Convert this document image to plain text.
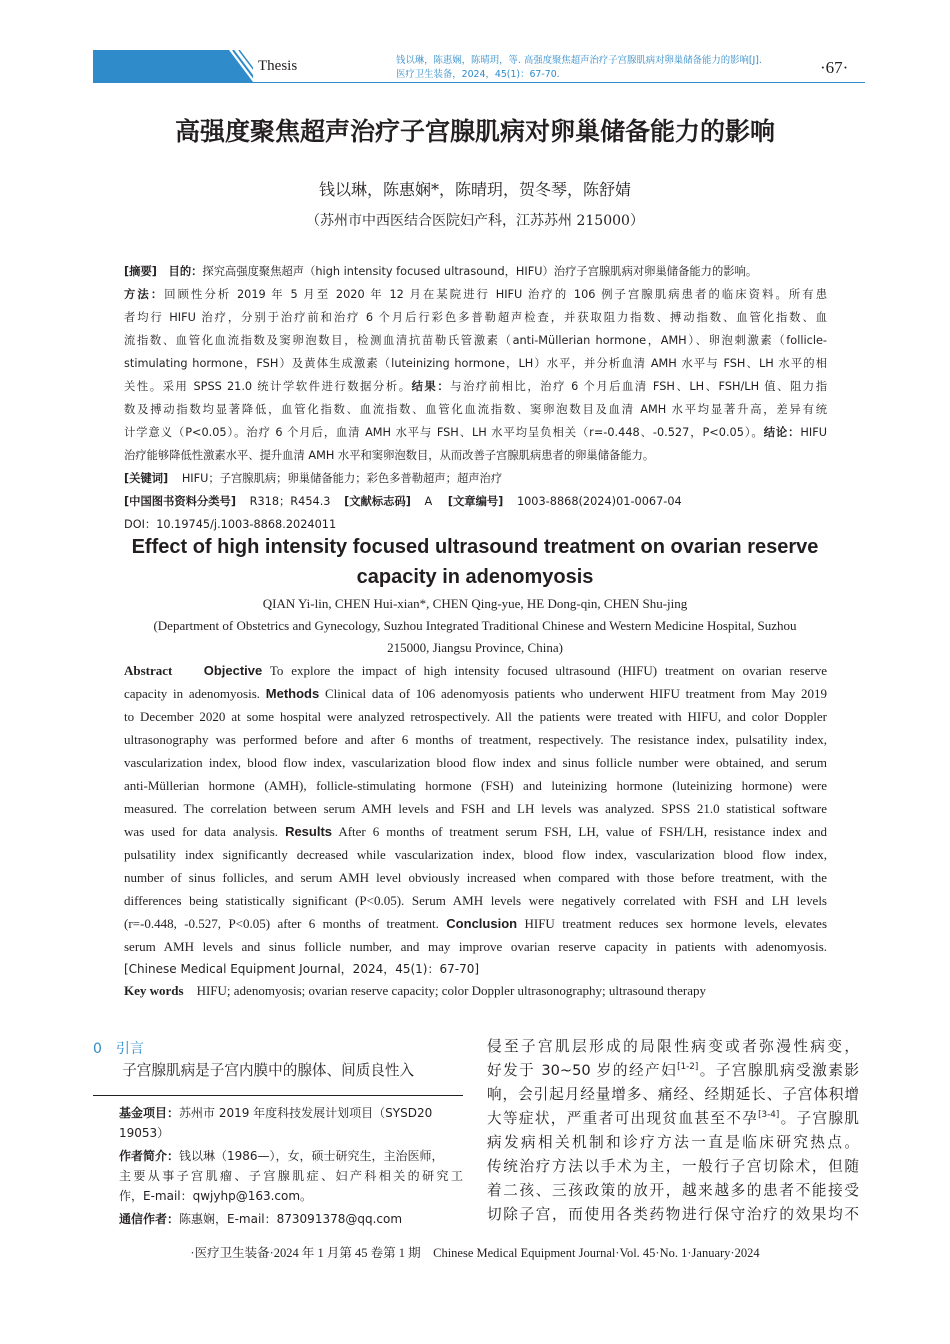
论	著
Thesis	钱以琳，陈惠娴，陈晴玥，等. 高强度聚焦超声治疗子宫腺肌病对卵巢储备能力的影响[J].
医疗卫生装备，2024，45(1)：67-70.	·67·
高强度聚焦超声治疗子宫腺肌病对卵巢储备能力的影响
钱以琳，陈惠娴*，陈晴玥，贺冬琴，陈舒婧
（苏州市中西医结合医院妇产科，江苏苏州 215000）
[摘要] 目的：探究高强度聚焦超声（high intensity focused ultrasound，HIFU）治疗子宫腺肌病对卵巢储备能力的影响。
方法：回顾性分析 2019 年 5 月至 2020 年 12 月在某院进行 HIFU 治疗的 106 例子宫腺肌病患者的临床资料。所有患
者均行 HIFU 治疗，分别于治疗前和治疗 6 个月后行彩色多普勒超声检查，并获取阻力指数、搏动指数、血管化指数、血
流指数、血管化血流指数及窦卵泡数目，检测血清抗苗勒氏管激素（anti-Müllerian hormone，AMH）、卵泡刺激素（follicle-
stimulating hormone，FSH）及黄体生成激素（luteinizing hormone，LH）水平，并分析血清 AMH 水平与 FSH、LH 水平的相
关性。采用 SPSS 21.0 统计学软件进行数据分析。结果：与治疗前相比，治疗 6 个月后血清 FSH、LH、FSH/LH 值、阻力指
数及搏动指数均显著降低，血管化指数、血流指数、血管化血流指数、窦卵泡数目及血清 AMH 水平均显著升高，差异有统
计学意义（P<0.05）。治疗 6 个月后，血清 AMH 水平与 FSH、LH 水平均呈负相关（r=-0.448、-0.527，P<0.05）。结论：HIFU
治疗能够降低性激素水平、提升血清 AMH 水平和窦卵泡数目，从而改善子宫腺肌病患者的卵巢储备能力。
[关键词] HIFU；子宫腺肌病；卵巢储备能力；彩色多普勒超声；超声治疗
[中国图书资料分类号] R318；R454.3 [文献标志码] A [文章编号] 1003-8868(2024)01-0067-04
DOI：10.19745/j.1003-8868.2024011
Effect of high intensity focused ultrasound treatment on ovarian reserve
capacity in adenomyosis
QIAN Yi-lin, CHEN Hui-xian*, CHEN Qing-yue, HE Dong-qin, CHEN Shu-jing
(Department of Obstetrics and Gynecology, Suzhou Integrated Traditional Chinese and Western Medicine Hospital, Suzhou
215000, Jiangsu Province, China)
Abstract Objective To explore the impact of high intensity focused ultrasound (HIFU) treatment on ovarian reserve
capacity in adenomyosis. Methods Clinical data of 106 adenomyosis patients who underwent HIFU treatment from May 2019
to December 2020 at some hospital were analyzed retrospectively. All the patients were treated with HIFU, and color Doppler
ultrasonography was performed before and after 6 months of treatment, respectively. The resistance index, pulsatility index,
vascularization index, blood flow index, vascularization blood flow index and sinus follicle number were obtained, and serum
anti-Müllerian hormone (AMH), follicle-stimulating hormone (FSH) and luteinizing hormone (luteinizing hormone) were
measured. The correlation between serum AMH levels and FSH and LH levels was analyzed. SPSS 21.0 statistical software
was used for data analysis. Results After 6 months of treatment serum FSH, LH, value of FSH/LH, resistance index and
pulsatility index significantly decreased while vascularization index, blood flow index, vascularization blood flow index,
number of sinus follicles, and serum AMH level obviously increased when compared with those before treatment, with the
differences being statistically significant (P<0.05). Serum AMH levels were negatively correlated with FSH and LH levels
(r=-0.448, -0.527, P<0.05) after 6 months of treatment. Conclusion HIFU treatment reduces sex hormone levels, elevates
serum AMH levels and sinus follicle number, and may improve ovarian reserve capacity in patients with adenomyosis.
[Chinese Medical Equipment Journal，2024，45(1)：67-70]
Key words HIFU; adenomyosis; ovarian reserve capacity; color Doppler ultrasonography; ultrasound therapy
0　引言
　　子宫腺肌病是子宫内膜中的腺体、间质良性入
基金项目：苏州市 2019 年度科技发展计划项目（SYSD20
19053）
作者简介：钱以琳（1986—），女，硕士研究生，主治医师，
主要从事子宫肌瘤、子宫腺肌症、妇产科相关的研究工
作，E-mail：qwjyhp@163.com。
通信作者：陈惠娴，E-mail：873091378@qq.com
侵至子宫肌层形成的局限性病变或者弥漫性病变，
好发于 30~50 岁的经产妇[1-2]。子宫腺肌病受激素影
响，会引起月经量增多、痛经、经期延长、子宫体积增
大等症状，严重者可出现贫血甚至不孕[3-4]。子宫腺肌
病发病相关机制和诊疗方法一直是临床研究热点。
传统治疗方法以手术为主，一般行子宫切除术，但随
着二孩、三孩政策的放开，越来越多的患者不能接受
切除子宫，而使用各类药物进行保守治疗的效果均不
·医疗卫生装备·2024 年 1 月第 45 卷第 1 期　Chinese Medical Equipment Journal·Vol. 45·No. 1·January·2024
